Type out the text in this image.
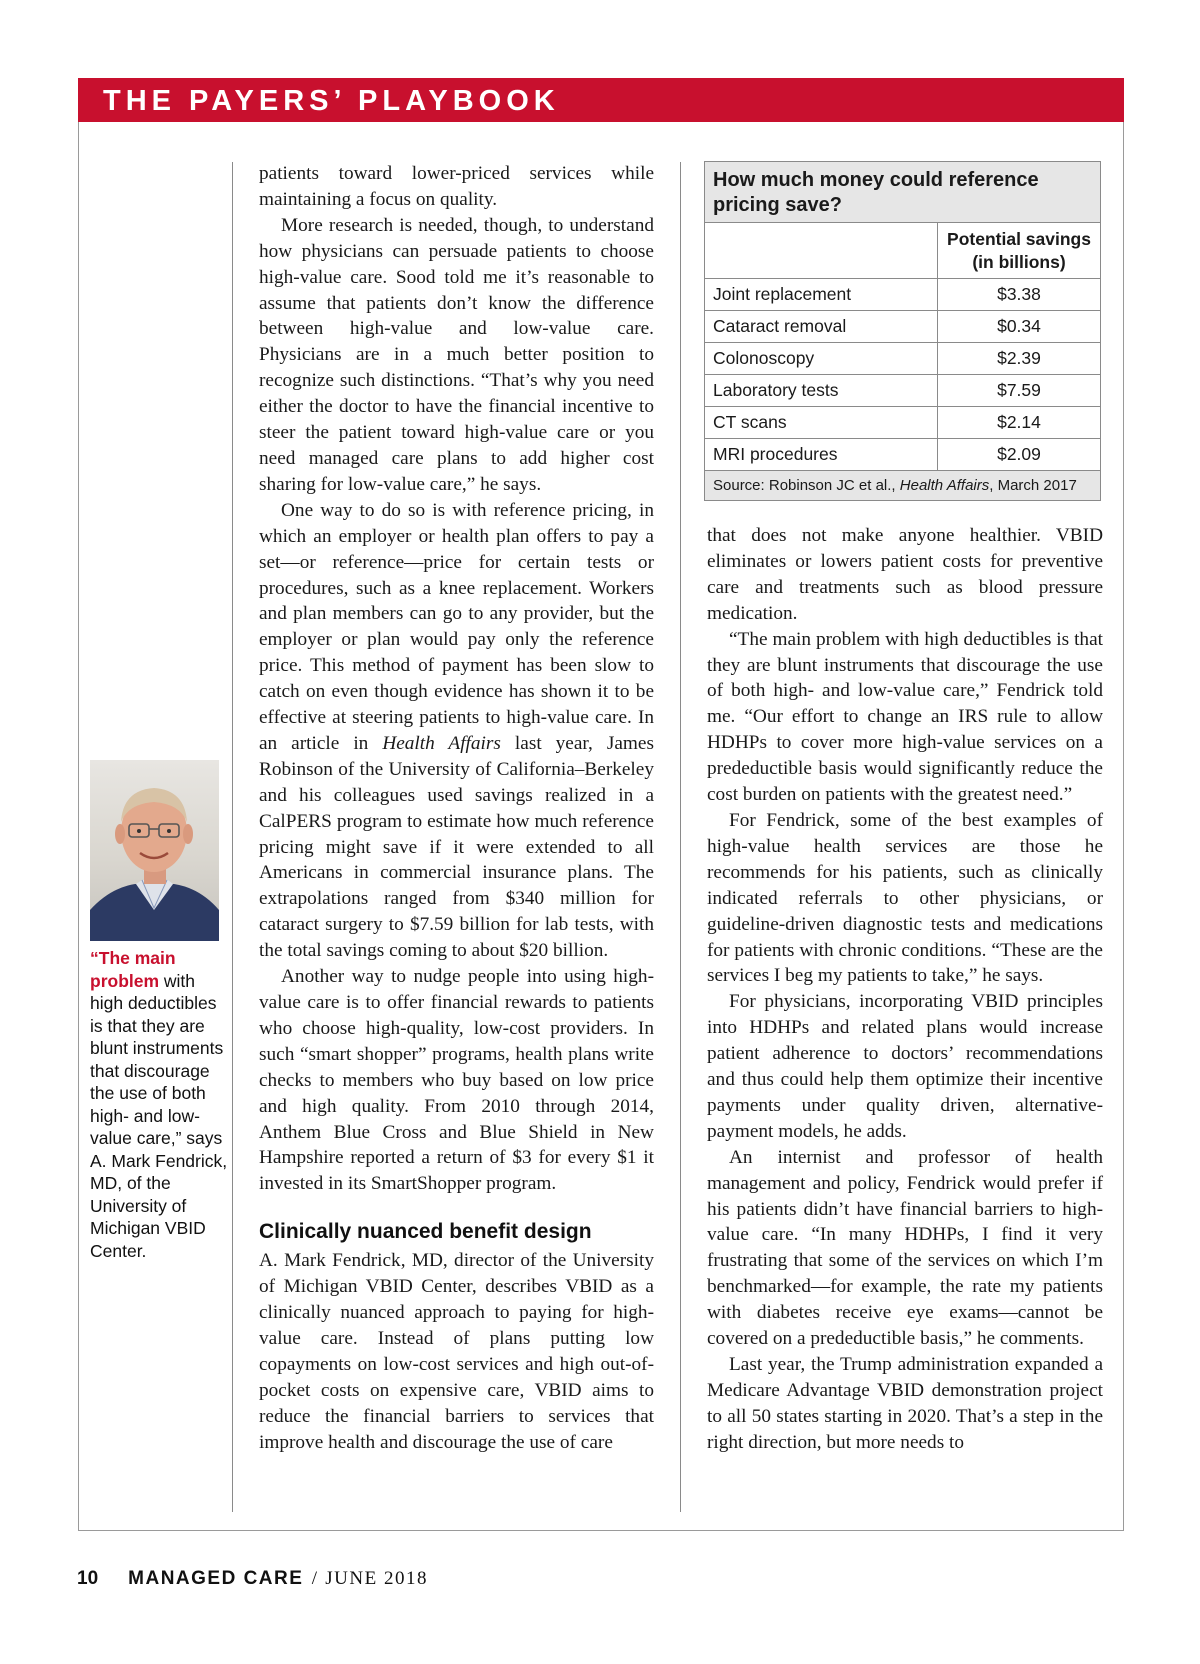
THE PAYERS’ PLAYBOOK
“The main problem with high deductibles is that they are blunt instruments that discourage the use of both high- and low-value care,” says A. Mark Fendrick, MD, of the University of Michigan VBID Center.

patients toward lower-priced services while maintaining a focus on quality.

More research is needed, though, to understand how physicians can persuade patients to choose high-value care. Sood told me it’s reasonable to assume that patients don’t know the difference between high-value and low-value care. Physicians are in a much better position to recognize such distinctions. “That’s why you need either the doctor to have the financial incentive to steer the patient toward high-value care or you need managed care plans to add higher cost sharing for low-value care,” he says.

One way to do so is with reference pricing, in which an employer or health plan offers to pay a set—or reference—price for certain tests or procedures, such as a knee replacement. Workers and plan members can go to any provider, but the employer or plan would pay only the reference price. This method of payment has been slow to catch on even though evidence has shown it to be effective at steering patients to high-value care. In an article in Health Affairs last year, James Robinson of the University of California–Berkeley and his colleagues used savings realized in a CalPERS program to estimate how much reference pricing might save if it were extended to all Americans in commercial insurance plans. The extrapolations ranged from $340 million for cataract surgery to $7.59 billion for lab tests, with the total savings coming to about $20 billion.

Another way to nudge people into using high-value care is to offer financial rewards to patients who choose high-quality, low-cost providers. In such “smart shopper” programs, health plans write checks to members who buy based on low price and high quality. From 2010 through 2014, Anthem Blue Cross and Blue Shield in New Hampshire reported a return of $3 for every $1 it invested in its SmartShopper program.

Clinically nuanced benefit design

A. Mark Fendrick, MD, director of the University of Michigan VBID Center, describes VBID as a clinically nuanced approach to paying for high-value care. Instead of plans putting low copayments on low-cost services and high out-of-pocket costs on expensive care, VBID aims to reduce the financial barriers to services that improve health and discourage the use of care

How much money could reference pricing save?
	Potential savings
(in billions)
Joint replacement	$3.38
Cataract removal	$0.34
Colonoscopy	$2.39
Laboratory tests	$7.59
CT scans	$2.14
MRI procedures	$2.09
Source: Robinson JC et al., Health Affairs, March 2017

that does not make anyone healthier. VBID eliminates or lowers patient costs for preventive care and treatments such as blood pressure medication.

“The main problem with high deductibles is that they are blunt instruments that discourage the use of both high- and low-value care,” Fendrick told me. “Our effort to change an IRS rule to allow HDHPs to cover more high-value services on a predeductible basis would significantly reduce the cost burden on patients with the greatest need.”

For Fendrick, some of the best examples of high-value health services are those he recommends for his patients, such as clinically indicated referrals to other physicians, or guideline-driven diagnostic tests and medications for patients with chronic conditions. “These are the services I beg my patients to take,” he says.

For physicians, incorporating VBID principles into HDHPs and related plans would increase patient adherence to doctors’ recommendations and thus could help them optimize their incentive payments under quality driven, alternative-payment models, he adds.

An internist and professor of health management and policy, Fendrick would prefer if his patients didn’t have financial barriers to high-value care. “In many HDHPs, I find it very frustrating that some of the services on which I’m benchmarked—for example, the rate my patients with diabetes receive eye exams—cannot be covered on a predeductible basis,” he comments.

Last year, the Trump administration expanded a Medicare Advantage VBID demonstration project to all 50 states starting in 2020. That’s a step in the right direction, but more needs to

10 MANAGED CARE / JUNE 2018
